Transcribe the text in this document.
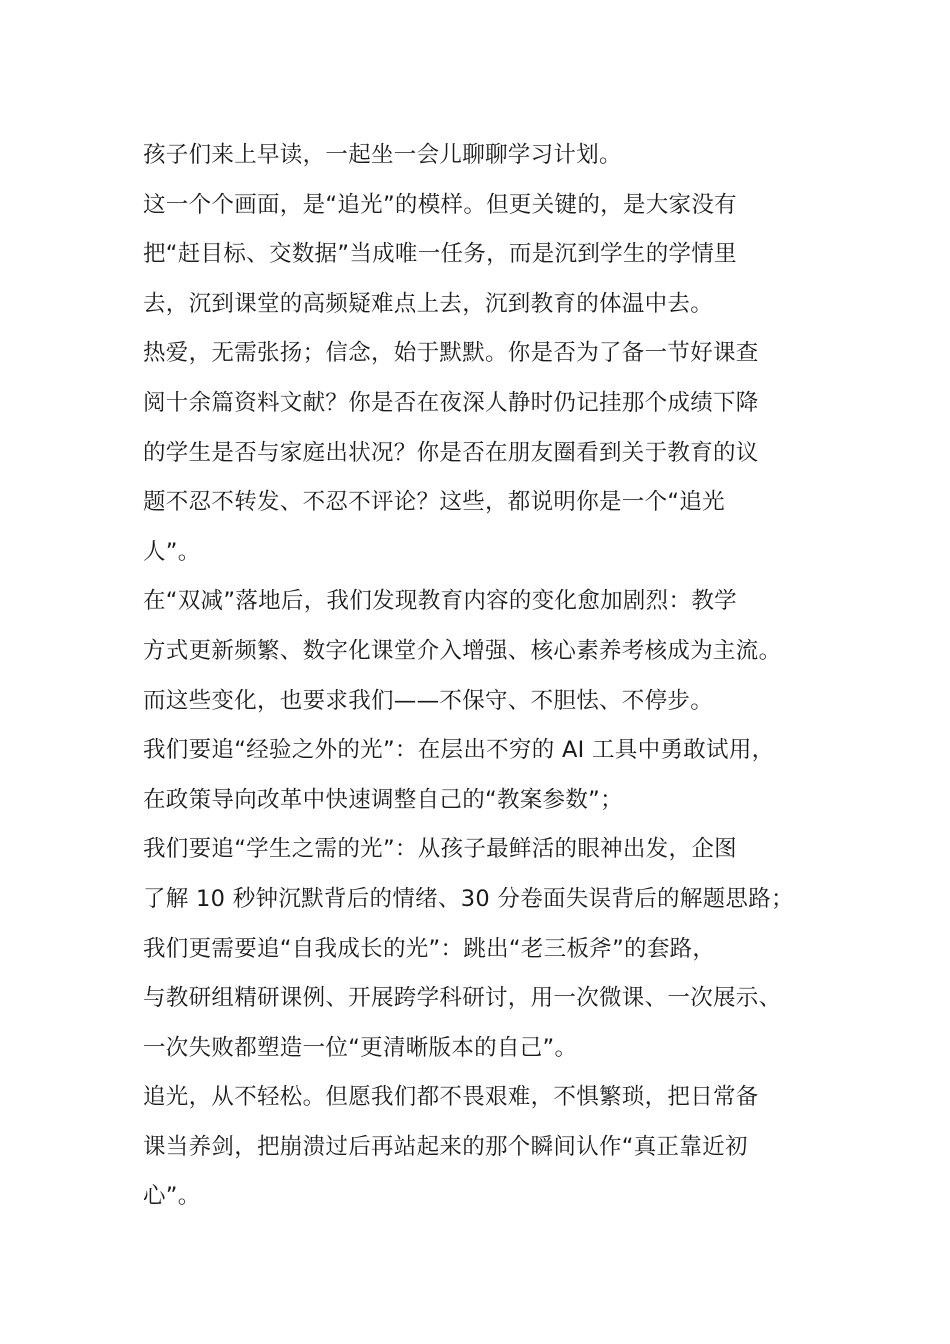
孩子们来上早读，一起坐一会儿聊聊学习计划。
这一个个画面，是“追光”的模样。但更关键的，是大家没有
把“赶目标、交数据”当成唯一任务，而是沉到学生的学情里
去，沉到课堂的高频疑难点上去，沉到教育的体温中去。
热爱，无需张扬；信念，始于默默。你是否为了备一节好课查
阅十余篇资料文献？你是否在夜深人静时仍记挂那个成绩下降
的学生是否与家庭出状况？你是否在朋友圈看到关于教育的议
题不忍不转发、不忍不评论？这些，都说明你是一个“追光
人”。
在“双减”落地后，我们发现教育内容的变化愈加剧烈：教学
方式更新频繁、数字化课堂介入增强、核心素养考核成为主流。
而这些变化，也要求我们——不保守、不胆怯、不停步。
我们要追“经验之外的光”：在层出不穷的 AI 工具中勇敢试用，
在政策导向改革中快速调整自己的“教案参数”；
我们要追“学生之需的光”：从孩子最鲜活的眼神出发，企图
了解 10 秒钟沉默背后的情绪、30 分卷面失误背后的解题思路；
我们更需要追“自我成长的光”：跳出“老三板斧”的套路，
与教研组精研课例、开展跨学科研讨，用一次微课、一次展示、
一次失败都塑造一位“更清晰版本的自己”。
追光，从不轻松。但愿我们都不畏艰难，不惧繁琐，把日常备
课当养剑，把崩溃过后再站起来的那个瞬间认作“真正靠近初
心”。
